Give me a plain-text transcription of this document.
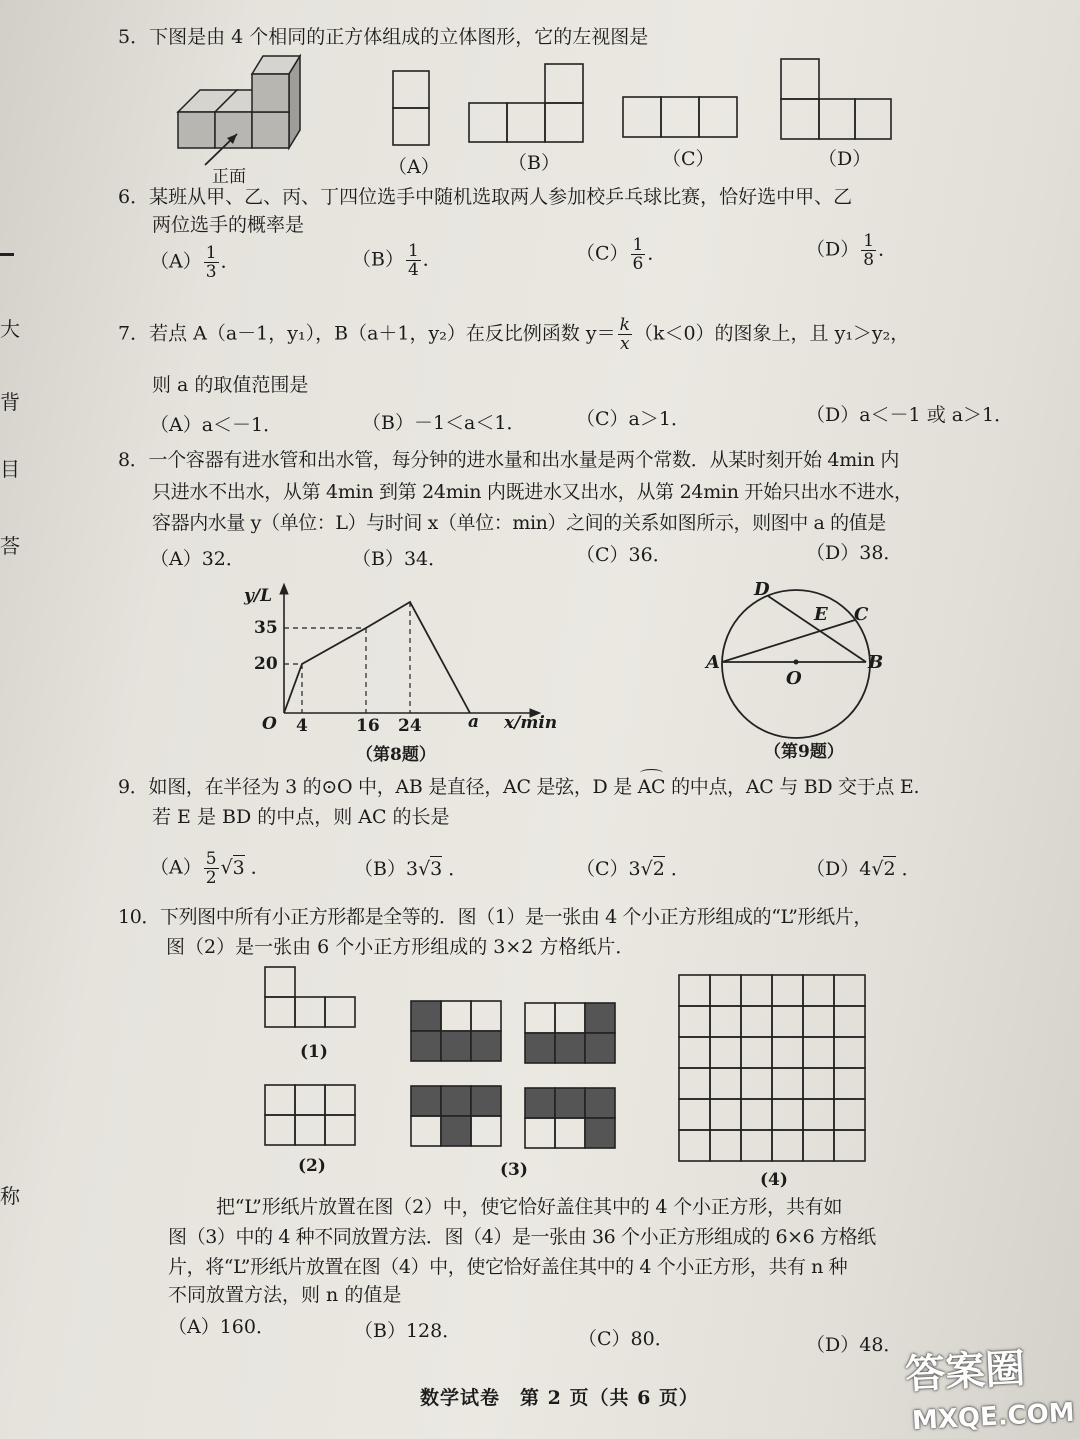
大
背
目
荅
称
5．下图是由 4 个相同的正方体组成的立体图形，它的左视图是
正面	（A）	（B）	（C）	（D）
6．某班从甲、乙、丙、丁四位选手中随机选取两人参加校乒乓球比赛，恰好选中甲、乙
两位选手的概率是
$(A) \frac{1}{3}$ ．	$(B) \frac{1}{4}$ ．	$(C) \frac{1}{6}$ ．	$(D) \frac{1}{8}$ ．
7．若点 A（a－1，y₁），B（a＋1，y₂）在反比例函数 $y= \frac{k}{x} (k<0)$的图象上，且 y₁＞y₂，
则 a 的取值范围是
（A）a＜－1．	（B）－1＜a＜1．	（C）a＞1．	（D）a＜－1 或 a＞1．
8．一个容器有进水管和出水管，每分钟的进水量和出水量是两个常数．从某时刻开始 4min 内
只进水不出水，从第 4min 到第 24min 内既进水又出水，从第 24min 开始只出水不进水，
容器内水量 y（单位：L）与时间 x（单位：min）之间的关系如图所示，则图中 a 的值是
（A）32．	（B）34．	（C）36．	（D）38．
y/L
35
20
O 4	16 24	a x/min
（第8题）
D
E C
A
O
B
（第9题）
9．如图，在半径为 3 的⊙O 中，AB 是直径，AC 是弦，D 是 AC 的中点，AC 与 BD 交于点 E.
若 E 是 BD 的中点，则 AC 的长是
$(A) \frac{5}{2} √3$ ．	（B）3√3 ．	（C）3√2 ．	（D）4√2 ．
10．下列图中所有小正方形都是全等的．图（1）是一张由 4 个小正方形组成的“L”形纸片，
图（2）是一张由 6 个小正方形组成的 3×2 方格纸片．
(1)
(2)	(3)	(4)
把“L”形纸片放置在图（2）中，使它恰好盖住其中的 4 个小正方形，共有如
图（3）中的 4 种不同放置方法．图（4）是一张由 36 个小正方形组成的 6×6 方格纸
片，将“L”形纸片放置在图（4）中，使它恰好盖住其中的 4 个小正方形，共有 n 种
不同放置方法，则 n 的值是
（A）160．	（B）128．	（C）80．	（D）48．
数学试卷　第 2 页（共 6 页）	答案圈
MXQE.COM
